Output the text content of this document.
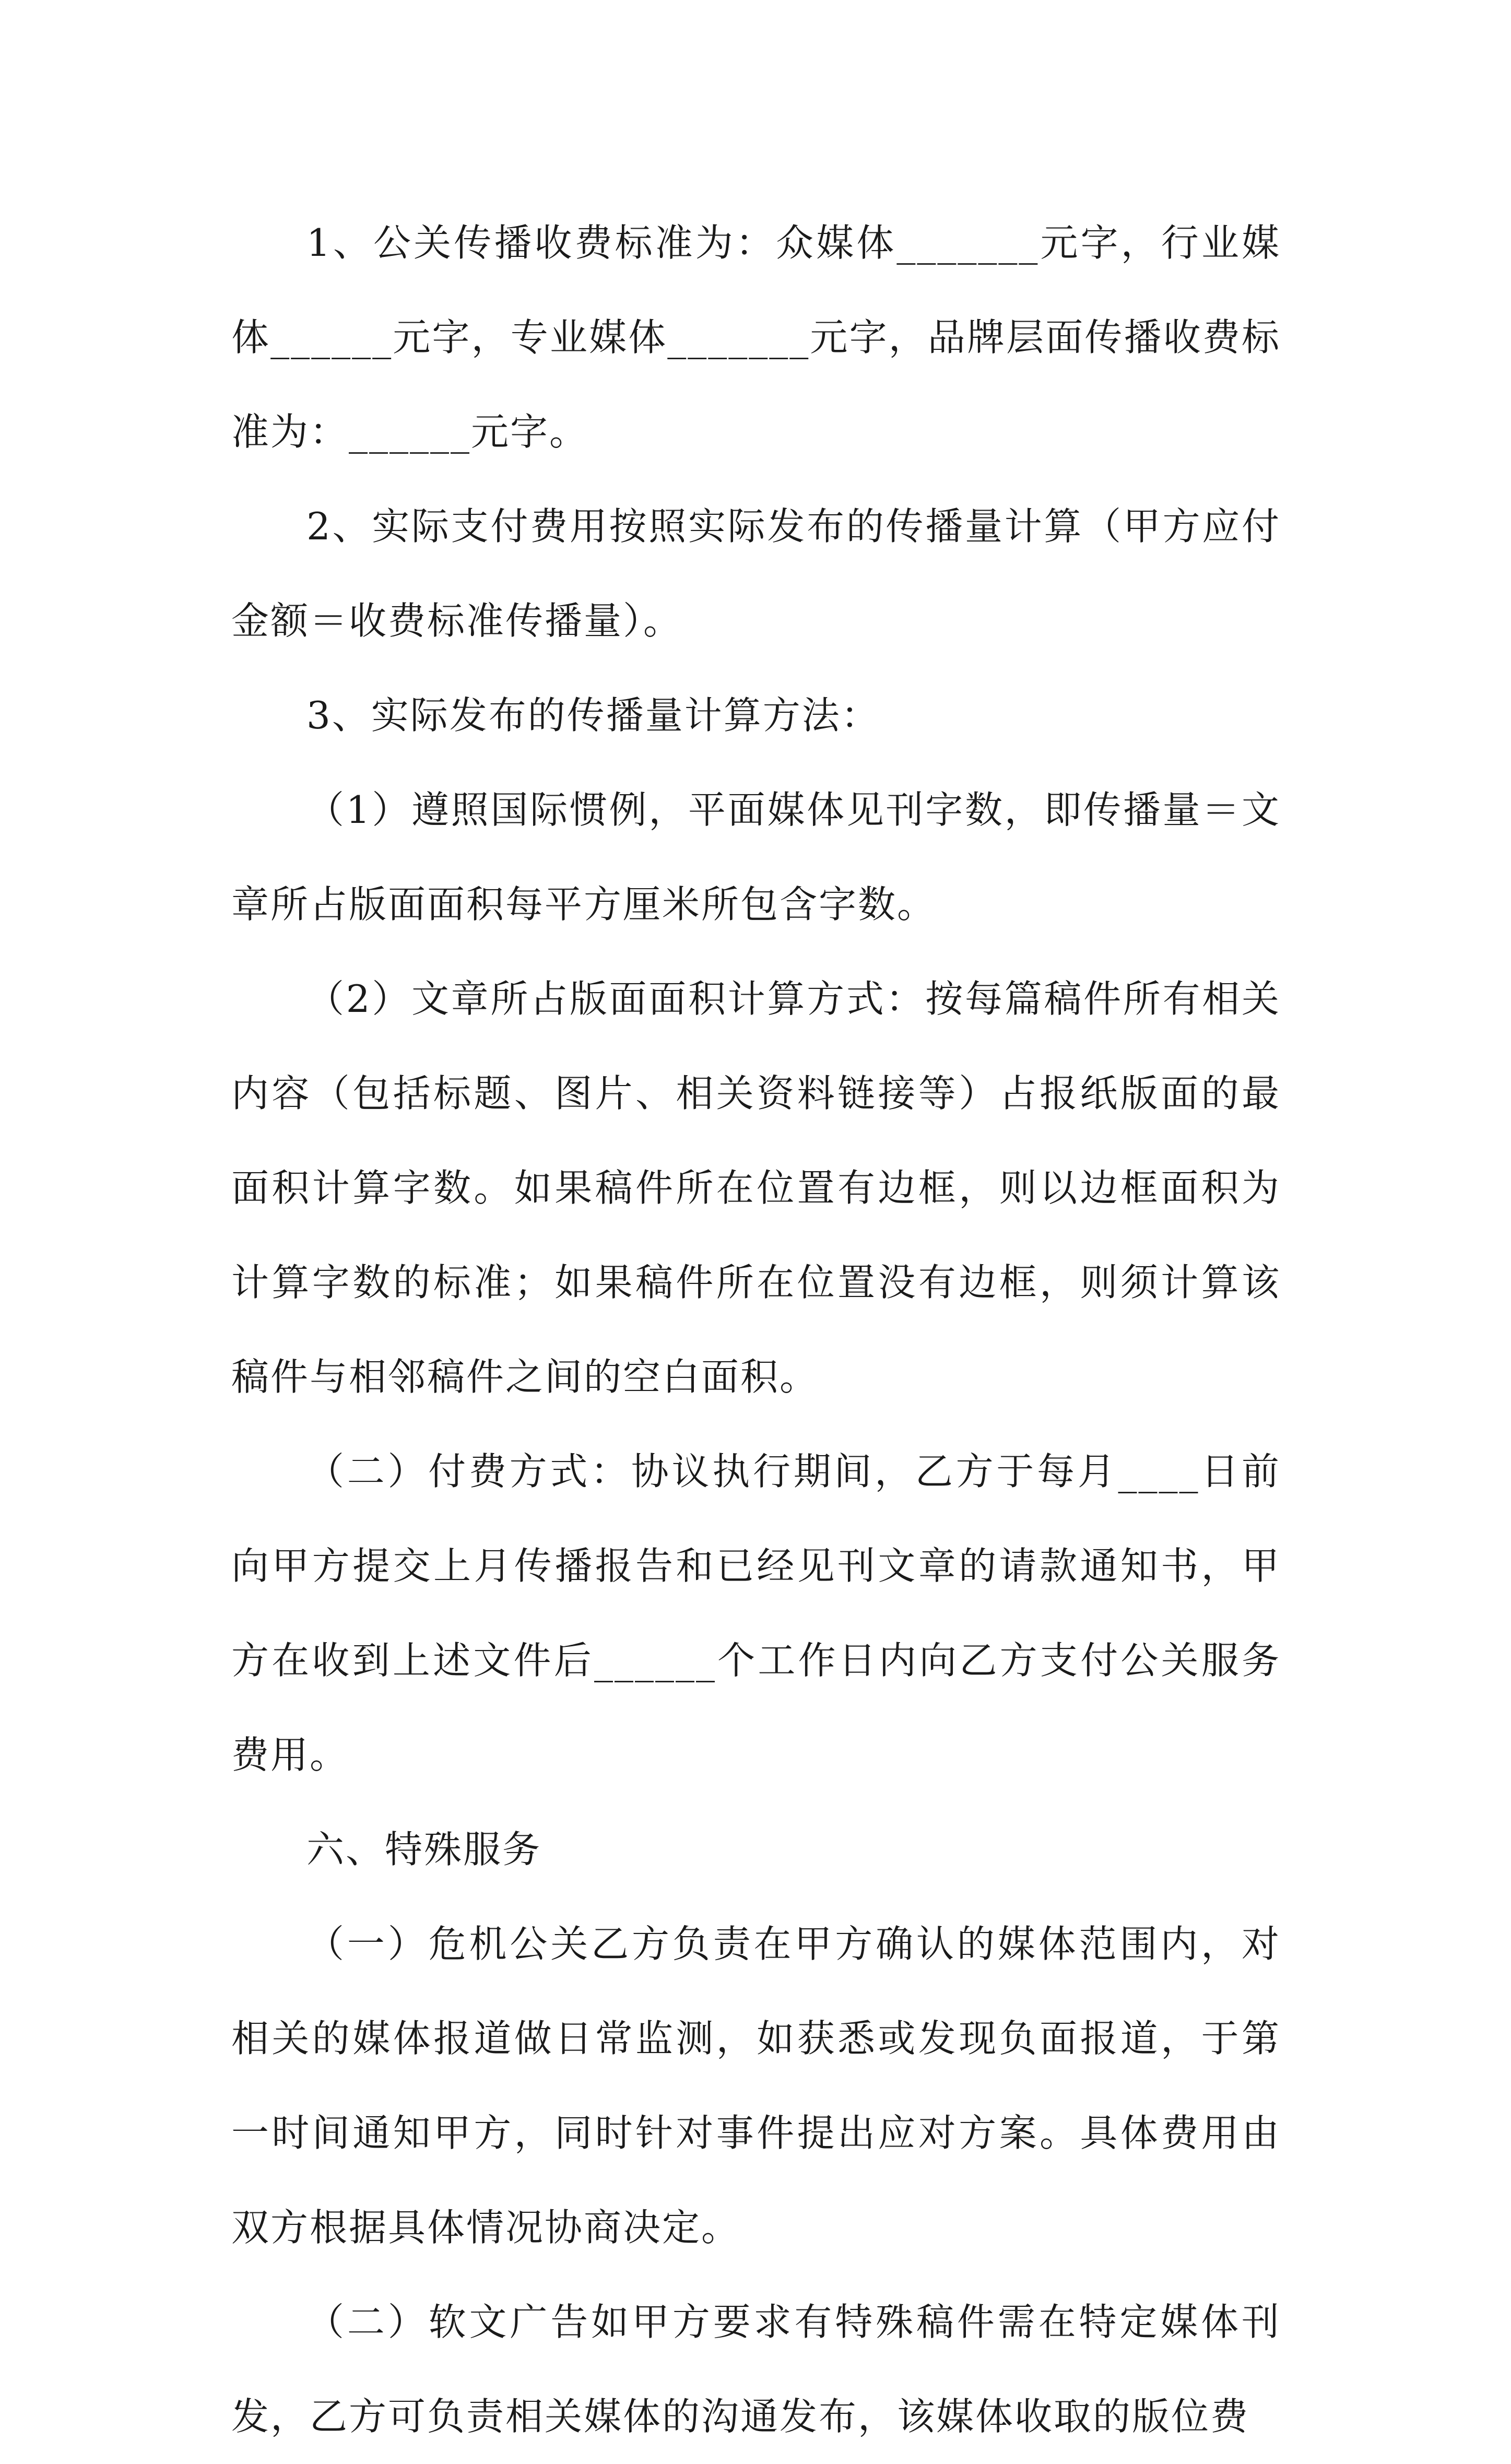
1、公关传播收费标准为：众媒体_______元字，行业媒体______元字，专业媒体_______元字，品牌层面传播收费标准为：______元字。

2、实际支付费用按照实际发布的传播量计算（甲方应付金额＝收费标准传播量）。

3、实际发布的传播量计算方法：

（1）遵照国际惯例，平面媒体见刊字数，即传播量＝文章所占版面面积每平方厘米所包含字数。

（2）文章所占版面面积计算方式：按每篇稿件所有相关内容（包括标题、图片、相关资料链接等）占报纸版面的最面积计算字数。如果稿件所在位置有边框，则以边框面积为计算字数的标准；如果稿件所在位置没有边框，则须计算该稿件与相邻稿件之间的空白面积。

（二）付费方式：协议执行期间，乙方于每月____日前向甲方提交上月传播报告和已经见刊文章的请款通知书，甲方在收到上述文件后______个工作日内向乙方支付公关服务费用。

六、特殊服务

（一）危机公关乙方负责在甲方确认的媒体范围内，对相关的媒体报道做日常监测，如获悉或发现负面报道，于第一时间通知甲方，同时针对事件提出应对方案。具体费用由双方根据具体情况协商决定。

（二）软文广告如甲方要求有特殊稿件需在特定媒体刊发，乙方可负责相关媒体的沟通发布，该媒体收取的版位费
